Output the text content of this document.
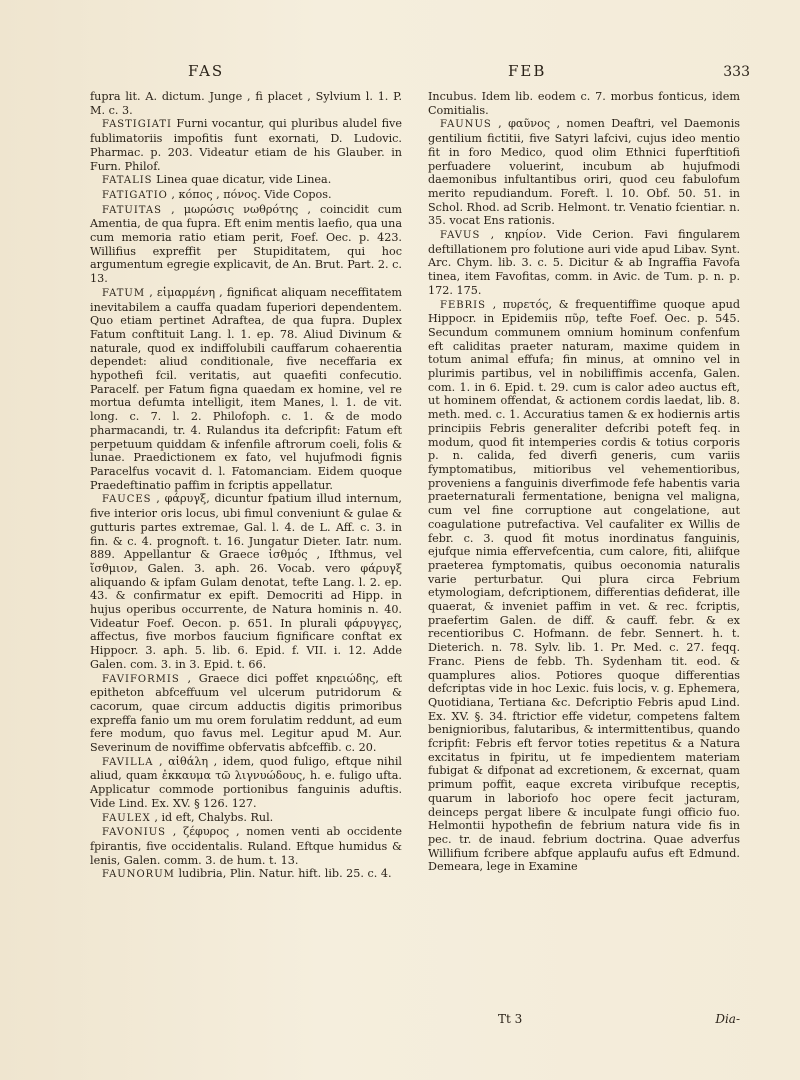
FAS	FEB	333

fupra lit. A. dictum. Junge , fi placet , Sylvium l. 1. P. M. c. 3.

FASTIGIATI Furni vocantur, qui pluribus aludel five fublimatoriis impofitis funt exornati, D. Ludovic. Pharmac. p. 203. Videatur etiam de his Glauber. in Furn. Philof.

FATALIS Linea quae dicatur, vide Linea.

FATIGATIO , κόπος , πόνος. Vide Copos.

FATUITAS , μωρώσις νωθρότης , coincidit cum Amentia, de qua fupra. Eft enim mentis laefio, qua una cum memoria ratio etiam perit, Foef. Oec. p. 423. Willifius expreffit per Stupiditatem, qui hoc argumentum egregie explicavit, de An. Brut. Part. 2. c. 13.

FATUM , εἱμαρμένη , fignificat aliquam neceffitatem inevitabilem a cauffa quadam fuperiori dependentem. Quo etiam pertinet Adraftea, de qua fupra. Duplex Fatum conftituit Lang. l. 1. ep. 78. Aliud Divinum & naturale, quod ex indiffolubili cauffarum cohaerentia dependet: aliud conditionale, five neceffaria ex hypothefi fcil. veritatis, aut quaefiti confecutio. Paracelf. per Fatum figna quaedam ex homine, vel re mortua defumta intelligit, item Manes, l. 1. de vit. long. c. 7. l. 2. Philofoph. c. 1. & de modo pharmacandi, tr. 4. Rulandus ita defcripfit: Fatum eft perpetuum quiddam & infenfile aftrorum coeli, folis & lunae. Praedictionem ex fato, vel hujufmodi fignis Paracelfus vocavit d. l. Fatomanciam. Eidem quoque Praedeftinatio paffim in fcriptis appellatur.

FAUCES , φάρυγξ, dicuntur fpatium illud internum, five interior oris locus, ubi fimul conveniunt & gulae & gutturis partes extremae, Gal. l. 4. de L. Aff. c. 3. in fin. & c. 4. prognoft. t. 16. Jungatur Dieter. Iatr. num. 889. Appellantur & Graece ἰσθμός , Ifthmus, vel ἴσθμιον, Galen. 3. aph. 26. Vocab. vero φάρυγξ aliquando & ipfam Gulam denotat, tefte Lang. l. 2. ep. 43. & confirmatur ex epift. Democriti ad Hipp. in hujus operibus occurrente, de Natura hominis n. 40. Videatur Foef. Oecon. p. 651. In plurali φάρυγγες, affectus, five morbos faucium fignificare conftat ex Hippocr. 3. aph. 5. lib. 6. Epid. f. VII. i. 12. Adde Galen. com. 3. in 3. Epid. t. 66.

FAVIFORMIS , Graece dici poffet κηρειώδης, eft epitheton abfceffuum vel ulcerum putridorum & cacorum, quae circum adductis digitis primoribus expreffa fanio um mu orem forulatim reddunt, ad eum fere modum, quo favus mel. Legitur apud M. Aur. Severinum de noviffime obfervatis abfceffib. c. 20.

FAVILLA , αἰθάλη , idem, quod fuligo, eftque nihil aliud, quam ἐκκαυμα τῶ λιγνυώδους, h. e. fuligo ufta. Applicatur commode portionibus fanguinis aduftis. Vide Lind. Ex. XV. § 126. 127.

FAULEX , id eft, Chalybs. Rul.

FAVONIUS , ζέφυρος , nomen venti ab occidente fpirantis, five occidentalis. Ruland. Eftque humidus & lenis, Galen. comm. 3. de hum. t. 13.

FAUNORUM ludibria, Plin. Natur. hift. lib. 25. c. 4.

Incubus. Idem lib. eodem c. 7. morbus fonticus, idem Comitialis.

FAUNUS , φαῦνος , nomen Deaftri, vel Daemonis gentilium fictitii, five Satyri lafcivi, cujus ideo mentio fit in foro Medico, quod olim Ethnici fuperftitiofi perfuadere voluerint, incubum ab hujufmodi daemonibus infultantibus oriri, quod ceu fabulofum merito repudiandum. Foreft. l. 10. Obf. 50. 51. in Schol. Rhod. ad Scrib. Helmont. tr. Venatio fcientiar. n. 35. vocat Ens rationis.

FAVUS , κηρίον. Vide Cerion. Favi fingularem deftillationem pro folutione auri vide apud Libav. Synt. Arc. Chym. lib. 3. c. 5. Dicitur & ab Ingraffia Favofa tinea, item Favofitas, comm. in Avic. de Tum. p. n. p. 172. 175.

FEBRIS , πυρετός, & frequentiffime quoque apud Hippocr. in Epidemiis πῦρ, tefte Foef. Oec. p. 545. Secundum communem omnium hominum confenfum eft caliditas praeter naturam, maxime quidem in totum animal effufa; fin minus, at omnino vel in plurimis partibus, vel in nobiliffimis accenfa, Galen. com. 1. in 6. Epid. t. 29. cum is calor adeo auctus eft, ut hominem offendat, & actionem cordis laedat, lib. 8. meth. med. c. 1. Accuratius tamen & ex hodiernis artis principiis Febris generaliter defcribi poteft feq. in modum, quod fit intemperies cordis & totius corporis p. n. calida, fed diverfi generis, cum variis fymptomatibus, mitioribus vel vehementioribus, proveniens a fanguinis diverfimode fefe habentis varia praeternaturali fermentatione, benigna vel maligna, cum vel fine corruptione aut congelatione, aut coagulatione putrefactiva. Vel caufaliter ex Willis de febr. c. 3. quod fit motus inordinatus fanguinis, ejufque nimia effervefcentia, cum calore, fiti, aliifque praeterea fymptomatis, quibus oeconomia naturalis varie perturbatur. Qui plura circa Febrium etymologiam, defcriptionem, differentias defiderat, ille quaerat, & inveniet paffim in vet. & rec. fcriptis, praefertim Galen. de diff. & cauff. febr. & ex recentioribus C. Hofmann. de febr. Sennert. h. t. Dieterich. n. 78. Sylv. lib. 1. Pr. Med. c. 27. feqq. Franc. Piens de febb. Th. Sydenham tit. eod. & quamplures alios. Potiores quoque differentias defcriptas vide in hoc Lexic. fuis locis, v. g. Ephemera, Quotidiana, Tertiana &c. Defcriptio Febris apud Lind. Ex. XV. §. 34. ftrictior effe videtur, competens faltem benignioribus, falutaribus, & intermittentibus, quando fcripfit: Febris eft fervor toties repetitus & a Natura excitatus in fpiritu, ut fe impedientem materiam fubigat & difponat ad excretionem, & excernat, quam primum poffit, eaque excreta viribufque receptis, quarum in laboriofo hoc opere fecit jacturam, deinceps pergat libere & inculpate fungi officio fuo. Helmontii hypothefin de febrium natura vide fis in pec. tr. de inaud. febrium doctrina. Quae adverfus Willifium fcribere abfque applaufu aufus eft Edmund. Demeara, lege in Examine

Tt 3	Dia-
